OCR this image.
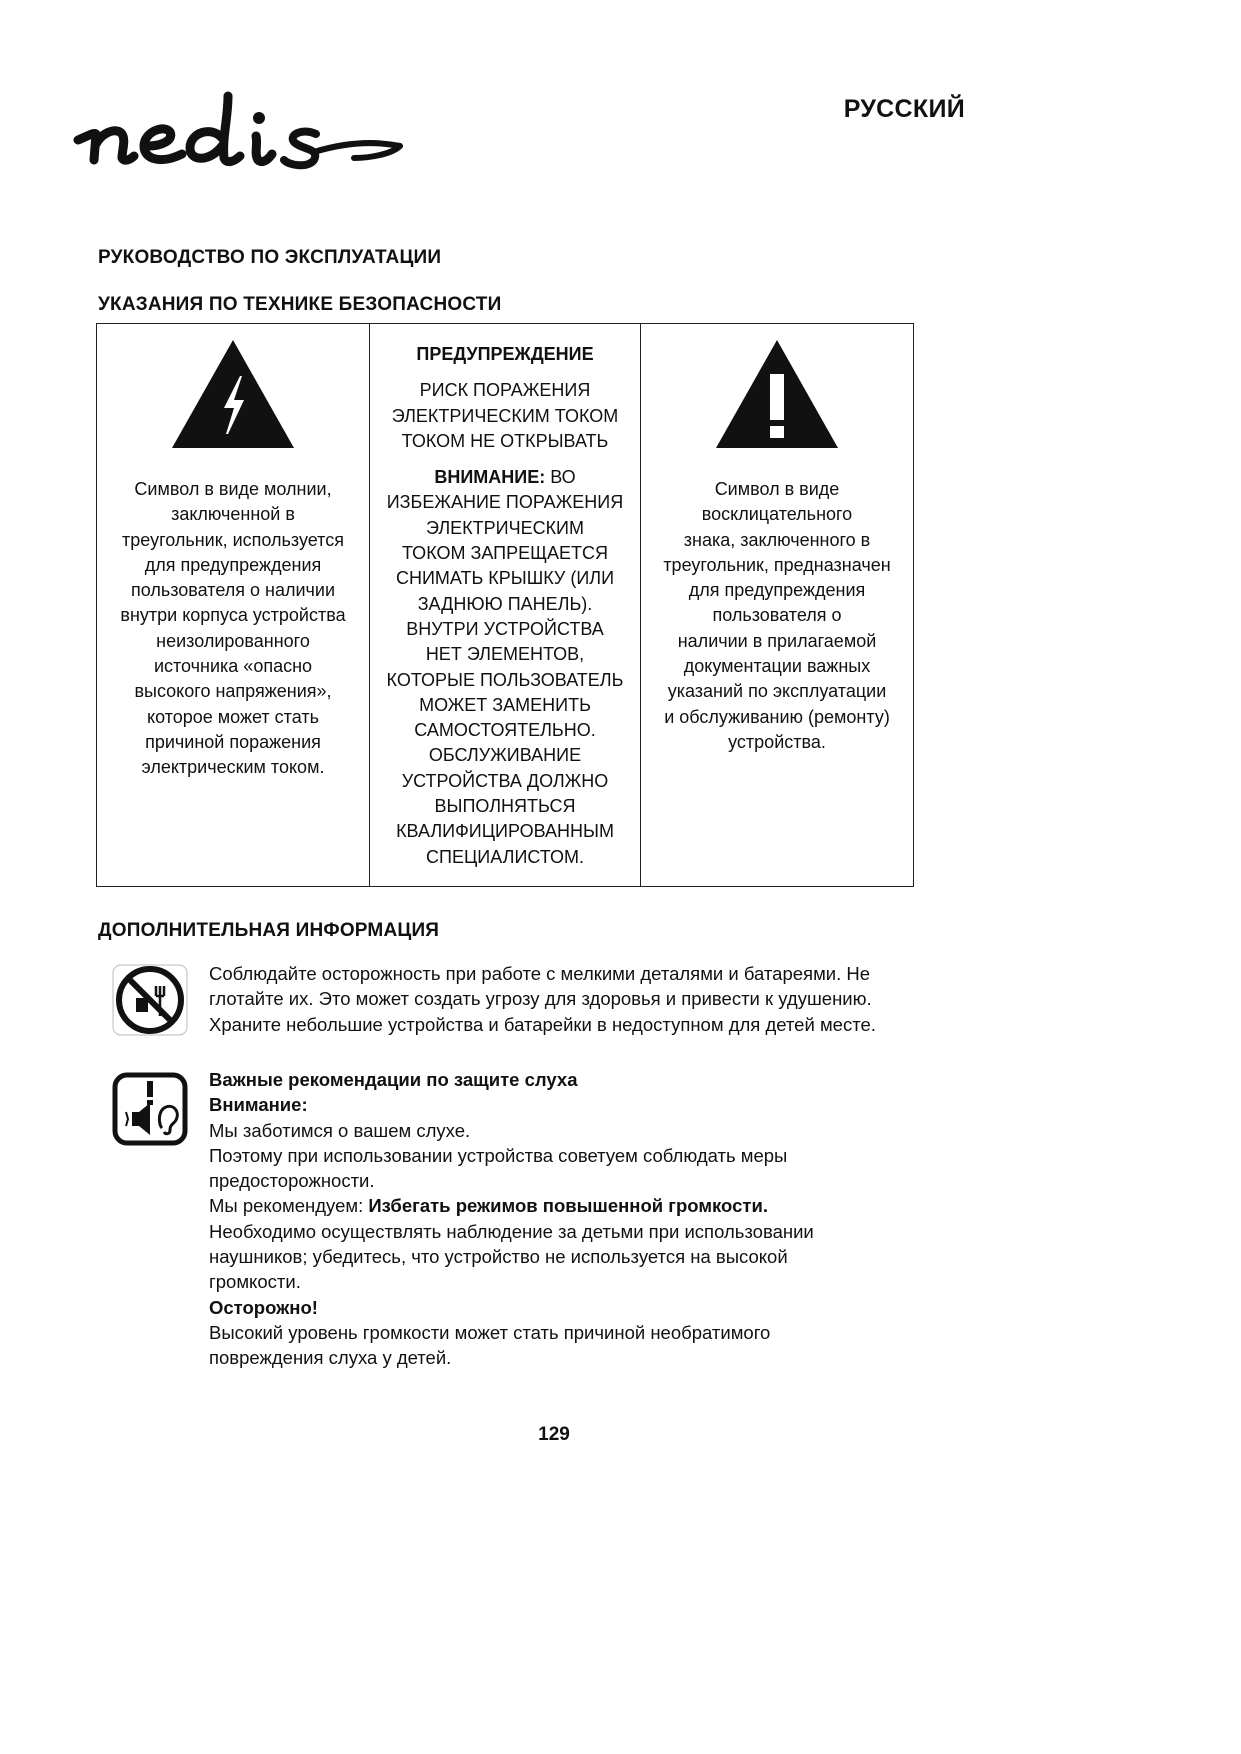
РУССКИЙ
РУКОВОДСТВО ПО ЭКСПЛУАТАЦИИ
УКАЗАНИЯ ПО ТЕХНИКЕ БЕЗОПАСНОСТИ
Символ в виде молнии,
заключенной в
треугольник, используется
для предупреждения
пользователя о наличии
внутри корпуса устройства
неизолированного
источника «опасно
высокого напряжения»,
которое может стать
причиной поражения
электрическим током.
ПРЕДУПРЕЖДЕНИЕ
РИСК ПОРАЖЕНИЯ
ЭЛЕКТРИЧЕСКИМ ТОКОМ
ТОКОМ НЕ ОТКРЫВАТЬ
ВНИМАНИЕ: ВО
ИЗБЕЖАНИЕ ПОРАЖЕНИЯ
ЭЛЕКТРИЧЕСКИМ
ТОКОМ ЗАПРЕЩАЕТСЯ
СНИМАТЬ КРЫШКУ (ИЛИ
ЗАДНЮЮ ПАНЕЛЬ).
ВНУТРИ УСТРОЙСТВА
НЕТ ЭЛЕМЕНТОВ,
КОТОРЫЕ ПОЛЬЗОВАТЕЛЬ
МОЖЕТ ЗАМЕНИТЬ
САМОСТОЯТЕЛЬНО.
ОБСЛУЖИВАНИЕ
УСТРОЙСТВА ДОЛЖНО
ВЫПОЛНЯТЬСЯ
КВАЛИФИЦИРОВАННЫМ
СПЕЦИАЛИСТОМ.
Символ в виде
восклицательного
знака, заключенного в
треугольник, предназначен
для предупреждения
пользователя о
наличии в прилагаемой
документации важных
указаний по эксплуатации
и обслуживанию (ремонту)
устройства.
ДОПОЛНИТЕЛЬНАЯ ИНФОРМАЦИЯ
Соблюдайте осторожность при работе с мелкими деталями и батареями. Не
глотайте их. Это может создать угрозу для здоровья и привести к удушению.
Храните небольшие устройства и батарейки в недоступном для детей месте.
Важные рекомендации по защите слуха
Внимание:
Мы заботимся о вашем слухе.
Поэтому при использовании устройства советуем соблюдать меры
предосторожности.
Мы рекомендуем: Избегать режимов повышенной громкости.
Необходимо осуществлять наблюдение за детьми при использовании
наушников; убедитесь, что устройство не используется на высокой
громкости.
Осторожно!
Высокий уровень громкости может стать причиной необратимого
повреждения слуха у детей.
129
